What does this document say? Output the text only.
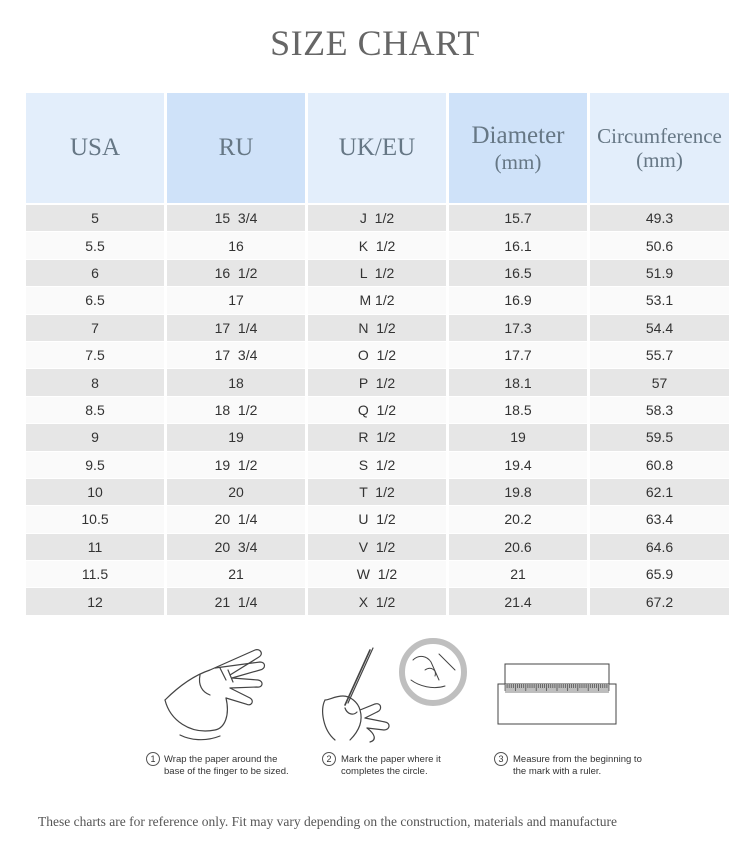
SIZE CHART
USA
5
5.5
6
6.5
7
7.5
8
8.5
9
9.5
10
10.5
11
11.5
12
RU
15  3/4
16
16  1/2
17
17  1/4
17  3/4
18
18  1/2
19
19  1/2
20
20  1/4
20  3/4
21
21  1/4
UK/EU
J  1/2
K  1/2
L  1/2
M 1/2
N  1/2
O  1/2
P  1/2
Q  1/2
R  1/2
S  1/2
T  1/2
U  1/2
V  1/2
W  1/2
X  1/2
Diameter
(mm)
15.7
16.1
16.5
16.9
17.3
17.7
18.1
18.5
19
19.4
19.8
20.2
20.6
21
21.4
Circumference
(mm)
49.3
50.6
51.9
53.1
54.4
55.7
57
58.3
59.5
60.8
62.1
63.4
64.6
65.9
67.2
1 Wrap the paper around the
base of the finger to be sized.
2	Mark the paper where it
completes the circle.
3	Measure from the beginning to
the mark with a ruler.
These charts are for reference only. Fit may vary depending on the construction, materials and manufacture
